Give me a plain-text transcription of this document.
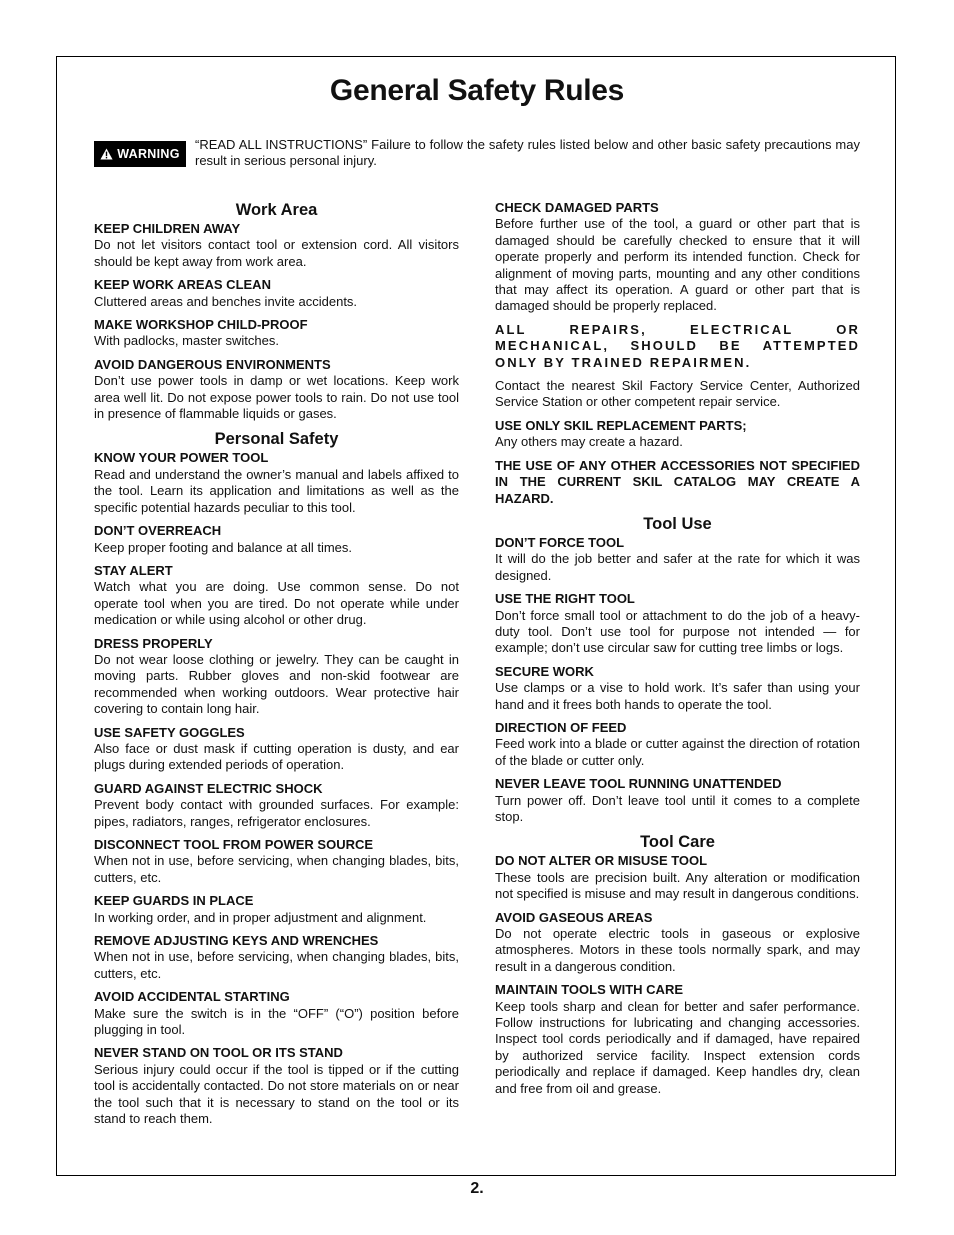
General Safety Rules
WARNING
“READ ALL INSTRUCTIONS” Failure to follow the safety rules listed below and other basic safety precautions may result in serious personal injury.
Work Area
KEEP CHILDREN AWAY
Do not let visitors contact tool or extension cord. All visitors should be kept away from work area.
KEEP WORK AREAS CLEAN
Cluttered areas and benches invite accidents.
MAKE WORKSHOP CHILD-PROOF
With padlocks, master switches.
AVOID DANGEROUS ENVIRONMENTS
Don’t use power tools in damp or wet locations. Keep work area well lit. Do not expose power tools to rain. Do not use tool in presence of flammable liquids or gases.
Personal Safety
KNOW YOUR POWER TOOL
Read and understand the owner’s manual and labels affixed to the tool. Learn its application and limitations as well as the specific potential hazards peculiar to this tool.
DON’T OVERREACH
Keep proper footing and balance at all times.
STAY ALERT
Watch what you are doing. Use common sense. Do not operate tool when you are tired. Do not operate while under medication or while using alcohol or other drug.
DRESS PROPERLY
Do not wear loose clothing or jewelry. They can be caught in moving parts. Rubber gloves and non-skid footwear are recommended when working outdoors. Wear protective hair covering to contain long hair.
USE SAFETY GOGGLES
Also face or dust mask if cutting operation is dusty, and ear plugs during extended periods of operation.
GUARD AGAINST ELECTRIC SHOCK
Prevent body contact with grounded surfaces. For example: pipes, radiators, ranges, refrigerator enclosures.
DISCONNECT TOOL FROM POWER SOURCE
When not in use, before servicing, when changing blades, bits, cutters, etc.
KEEP GUARDS IN PLACE
In working order, and in proper adjustment and alignment.
REMOVE ADJUSTING KEYS AND WRENCHES
When not in use, before servicing, when changing blades, bits, cutters, etc.
AVOID ACCIDENTAL STARTING
Make sure the switch is in the “OFF” (“O”) position before plugging in tool.
NEVER STAND ON TOOL OR ITS STAND
Serious injury could occur if the tool is tipped or if the cutting tool is accidentally contacted. Do not store materials on or near the tool such that it is necessary to stand on the tool or its stand to reach them.
CHECK DAMAGED PARTS
Before further use of the tool, a guard or other part that is damaged should be carefully checked to ensure that it will operate properly and perform its intended function. Check for alignment of moving parts, mounting and any other conditions that may affect its operation. A guard or other part that is damaged should be properly replaced.
ALL REPAIRS, ELECTRICAL OR MECHANICAL, SHOULD BE ATTEMPTED ONLY BY TRAINED REPAIRMEN.
Contact the nearest Skil Factory Service Center, Authorized Service Station or other competent repair service.
USE ONLY SKIL REPLACEMENT PARTS;
Any others may create a hazard.
THE USE OF ANY OTHER ACCESSORIES NOT SPECIFIED IN THE CURRENT SKIL CATALOG MAY CREATE A HAZARD.
Tool Use
DON’T FORCE TOOL
It will do the job better and safer at the rate for which it was designed.
USE THE RIGHT TOOL
Don’t force small tool or attachment to do the job of a heavy-duty tool. Don’t use tool for purpose not intended — for example; don’t use circular saw for cutting tree limbs or logs.
SECURE WORK
Use clamps or a vise to hold work. It’s safer than using your hand and it frees both hands to operate the tool.
DIRECTION OF FEED
Feed work into a blade or cutter against the direction of rotation of the blade or cutter only.
NEVER LEAVE TOOL RUNNING UNATTENDED
Turn power off. Don’t leave tool until it comes to a complete stop.
Tool Care
DO NOT ALTER OR MISUSE TOOL
These tools are precision built. Any alteration or modification not specified is misuse and may result in dangerous conditions.
AVOID GASEOUS AREAS
Do not operate electric tools in gaseous or explosive atmospheres. Motors in these tools normally spark, and may result in a dangerous condition.
MAINTAIN TOOLS WITH CARE
Keep tools sharp and clean for better and safer performance. Follow instructions for lubricating and changing accessories. Inspect tool cords periodically and if damaged, have repaired by authorized service facility. Inspect extension cords periodically and replace if damaged. Keep handles dry, clean and free from oil and grease.
2.
